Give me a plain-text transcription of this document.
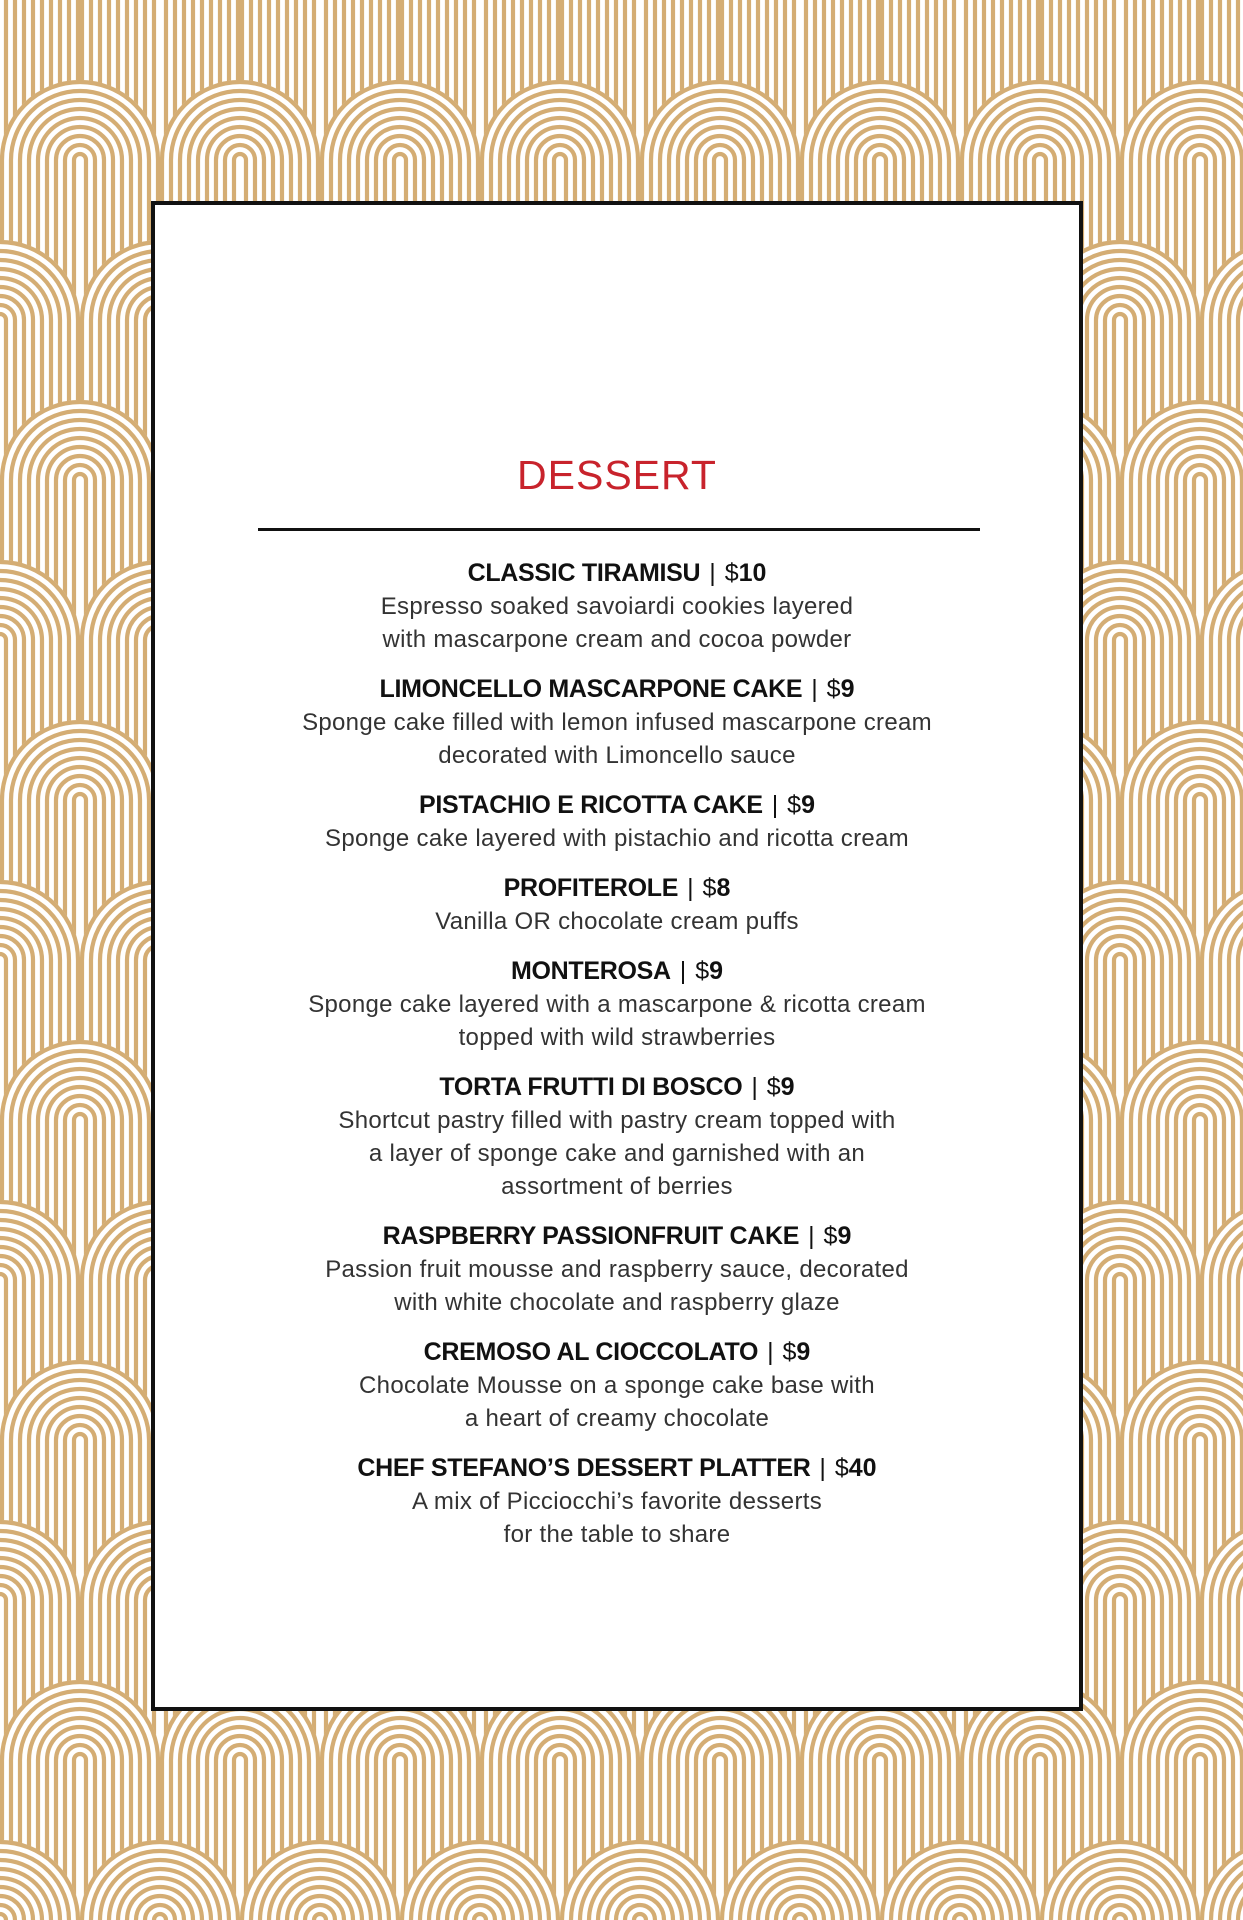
DESSERT
CLASSIC TIRAMISU | $10
Espresso soaked savoiardi cookies layered
with mascarpone cream and cocoa powder
LIMONCELLO MASCARPONE CAKE | $9
Sponge cake filled with lemon infused mascarpone cream
decorated with Limoncello sauce
PISTACHIO E RICOTTA CAKE | $9
Sponge cake layered with pistachio and ricotta cream
PROFITEROLE | $8
Vanilla OR chocolate cream puffs
MONTEROSA | $9
Sponge cake layered with a mascarpone & ricotta cream
topped with wild strawberries
TORTA FRUTTI DI BOSCO | $9
Shortcut pastry filled with pastry cream topped with
a layer of sponge cake and garnished with an
assortment of berries
RASPBERRY PASSIONFRUIT CAKE | $9
Passion fruit mousse and raspberry sauce, decorated
with white chocolate and raspberry glaze
CREMOSO AL CIOCCOLATO | $9
Chocolate Mousse on a sponge cake base with
a heart of creamy chocolate
CHEF STEFANO’S DESSERT PLATTER | $40
A mix of Picciocchi’s favorite desserts
for the table to share
